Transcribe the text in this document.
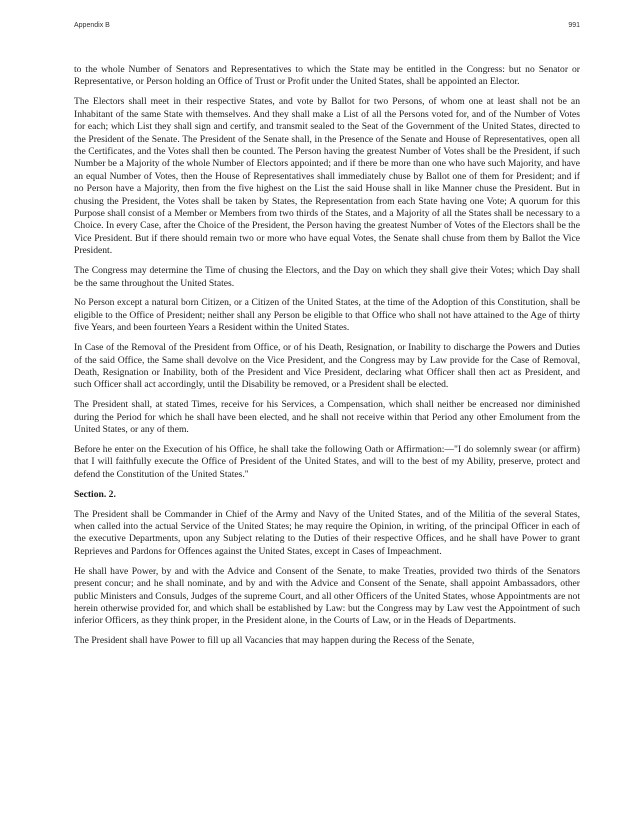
Appendix B	991

to the whole Number of Senators and Representatives to which the State may be entitled in the Congress: but no Senator or Representative, or Person holding an Office of Trust or Profit under the United States, shall be appointed an Elector.

The Electors shall meet in their respective States, and vote by Ballot for two Persons, of whom one at least shall not be an Inhabitant of the same State with themselves. And they shall make a List of all the Persons voted for, and of the Number of Votes for each; which List they shall sign and certify, and transmit sealed to the Seat of the Government of the United States, directed to the President of the Senate. The President of the Senate shall, in the Presence of the Senate and House of Representatives, open all the Certificates, and the Votes shall then be counted. The Person having the greatest Number of Votes shall be the President, if such Number be a Majority of the whole Number of Electors appointed; and if there be more than one who have such Majority, and have an equal Number of Votes, then the House of Representatives shall immediately chuse by Ballot one of them for President; and if no Person have a Majority, then from the five highest on the List the said House shall in like Manner chuse the President. But in chusing the President, the Votes shall be taken by States, the Representation from each State having one Vote; A quorum for this Purpose shall consist of a Member or Members from two thirds of the States, and a Majority of all the States shall be necessary to a Choice. In every Case, after the Choice of the President, the Person having the greatest Number of Votes of the Electors shall be the Vice President. But if there should remain two or more who have equal Votes, the Senate shall chuse from them by Ballot the Vice President.

The Congress may determine the Time of chusing the Electors, and the Day on which they shall give their Votes; which Day shall be the same throughout the United States.

No Person except a natural born Citizen, or a Citizen of the United States, at the time of the Adoption of this Constitution, shall be eligible to the Office of President; neither shall any Person be eligible to that Office who shall not have attained to the Age of thirty five Years, and been fourteen Years a Resident within the United States.

In Case of the Removal of the President from Office, or of his Death, Resignation, or Inability to discharge the Powers and Duties of the said Office, the Same shall devolve on the Vice President, and the Congress may by Law provide for the Case of Removal, Death, Resignation or Inability, both of the President and Vice President, declaring what Officer shall then act as President, and such Officer shall act accordingly, until the Disability be removed, or a President shall be elected.

The President shall, at stated Times, receive for his Services, a Compensation, which shall neither be encreased nor diminished during the Period for which he shall have been elected, and he shall not receive within that Period any other Emolument from the United States, or any of them.

Before he enter on the Execution of his Office, he shall take the following Oath or Affirmation:—"I do solemnly swear (or affirm) that I will faithfully execute the Office of President of the United States, and will to the best of my Ability, preserve, protect and defend the Constitution of the United States."

Section. 2.

The President shall be Commander in Chief of the Army and Navy of the United States, and of the Militia of the several States, when called into the actual Service of the United States; he may require the Opinion, in writing, of the principal Officer in each of the executive Departments, upon any Subject relating to the Duties of their respective Offices, and he shall have Power to grant Reprieves and Pardons for Offences against the United States, except in Cases of Impeachment.

He shall have Power, by and with the Advice and Consent of the Senate, to make Treaties, provided two thirds of the Senators present concur; and he shall nominate, and by and with the Advice and Consent of the Senate, shall appoint Ambassadors, other public Ministers and Consuls, Judges of the supreme Court, and all other Officers of the United States, whose Appointments are not herein otherwise provided for, and which shall be established by Law: but the Congress may by Law vest the Appointment of such inferior Officers, as they think proper, in the President alone, in the Courts of Law, or in the Heads of Departments.

The President shall have Power to fill up all Vacancies that may happen during the Recess of the Senate,
